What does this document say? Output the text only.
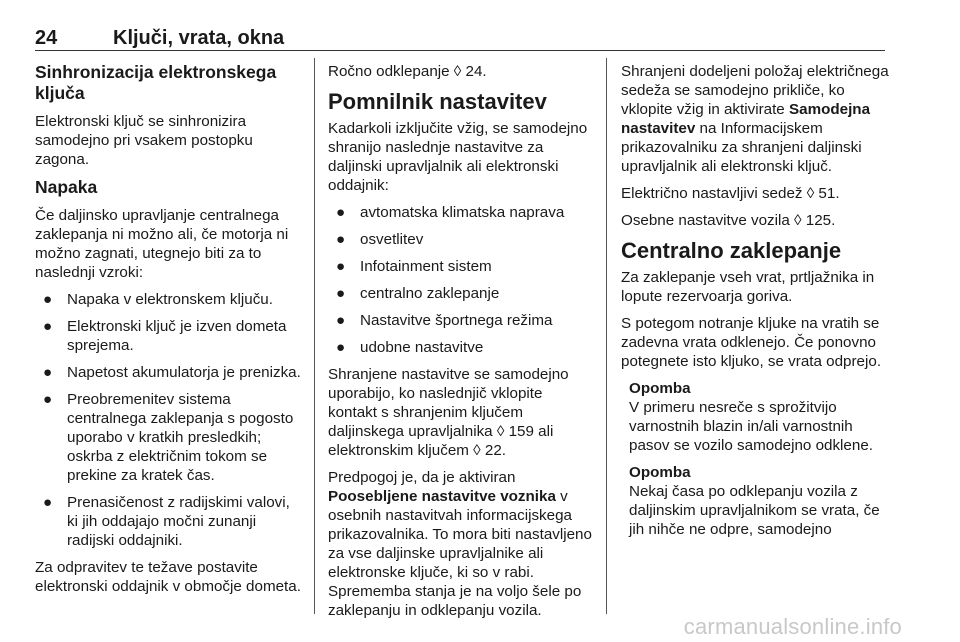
24	Ključi, vrata, okna
Sinhronizacija elektronskega ključa

Elektronski ključ se sinhronizira samodejno pri vsakem postopku zagona.

Napaka

Če daljinsko upravljanje centralnega zaklepanja ni možno ali, če motorja ni možno zagnati, utegnejo biti za to naslednji vzroki:

● Napaka v elektronskem ključu.
● Elektronski ključ je izven dometa sprejema.
● Napetost akumulatorja je prenizka.
● Preobremenitev sistema centralnega zaklepanja s pogosto uporabo v kratkih presledkih; oskrba z električnim tokom se prekine za kratek čas.
● Prenasičenost z radijskimi valovi, ki jih oddajajo močni zunanji radijski oddajniki.

Za odpravitev te težave postavite elektronski oddajnik v območje dometa.

Ročno odklepanje ◊ 24.

Pomnilnik nastavitev

Kadarkoli izključite vžig, se samodejno shranijo naslednje nastavitve za daljinski upravljalnik ali elektronski oddajnik:

● avtomatska klimatska naprava
● osvetlitev
● Infotainment sistem
● centralno zaklepanje
● Nastavitve športnega režima
● udobne nastavitve

Shranjene nastavitve se samodejno uporabijo, ko naslednjič vklopite kontakt s shranjenim ključem daljinskega upravljalnika ◊ 159 ali elektronskim ključem ◊ 22.

Predpogoj je, da je aktiviran
Poosebljene nastavitve voznika v osebnih nastavitvah informacijskega prikazovalnika. To mora biti nastavljeno za vse daljinske upravljalnike ali elektronske ključe, ki so v rabi. Sprememba stanja je na voljo šele po zaklepanju in odklepanju vozila.

Shranjeni dodeljeni položaj električnega sedeža se samodejno prikliče, ko vklopite vžig in aktivirate Samodejna nastavitev na Informacijskem prikazovalniku za shranjeni daljinski upravljalnik ali elektronski ključ.

Električno nastavljivi sedež ◊ 51.

Osebne nastavitve vozila ◊ 125.

Centralno zaklepanje

Za zaklepanje vseh vrat, prtljažnika in lopute rezervoarja goriva.

S potegom notranje kljuke na vratih se zadevna vrata odklenejo. Če ponovno potegnete isto kljuko, se vrata odprejo.

Opomba
V primeru nesreče s sprožitvijo varnostnih blazin in/ali varnostnih pasov se vozilo samodejno odklene.
Opomba
Nekaj časa po odklepanju vozila z daljinskim upravljalnikom se vrata, če jih nihče ne odpre, samodejno
carmanualsonline.info
